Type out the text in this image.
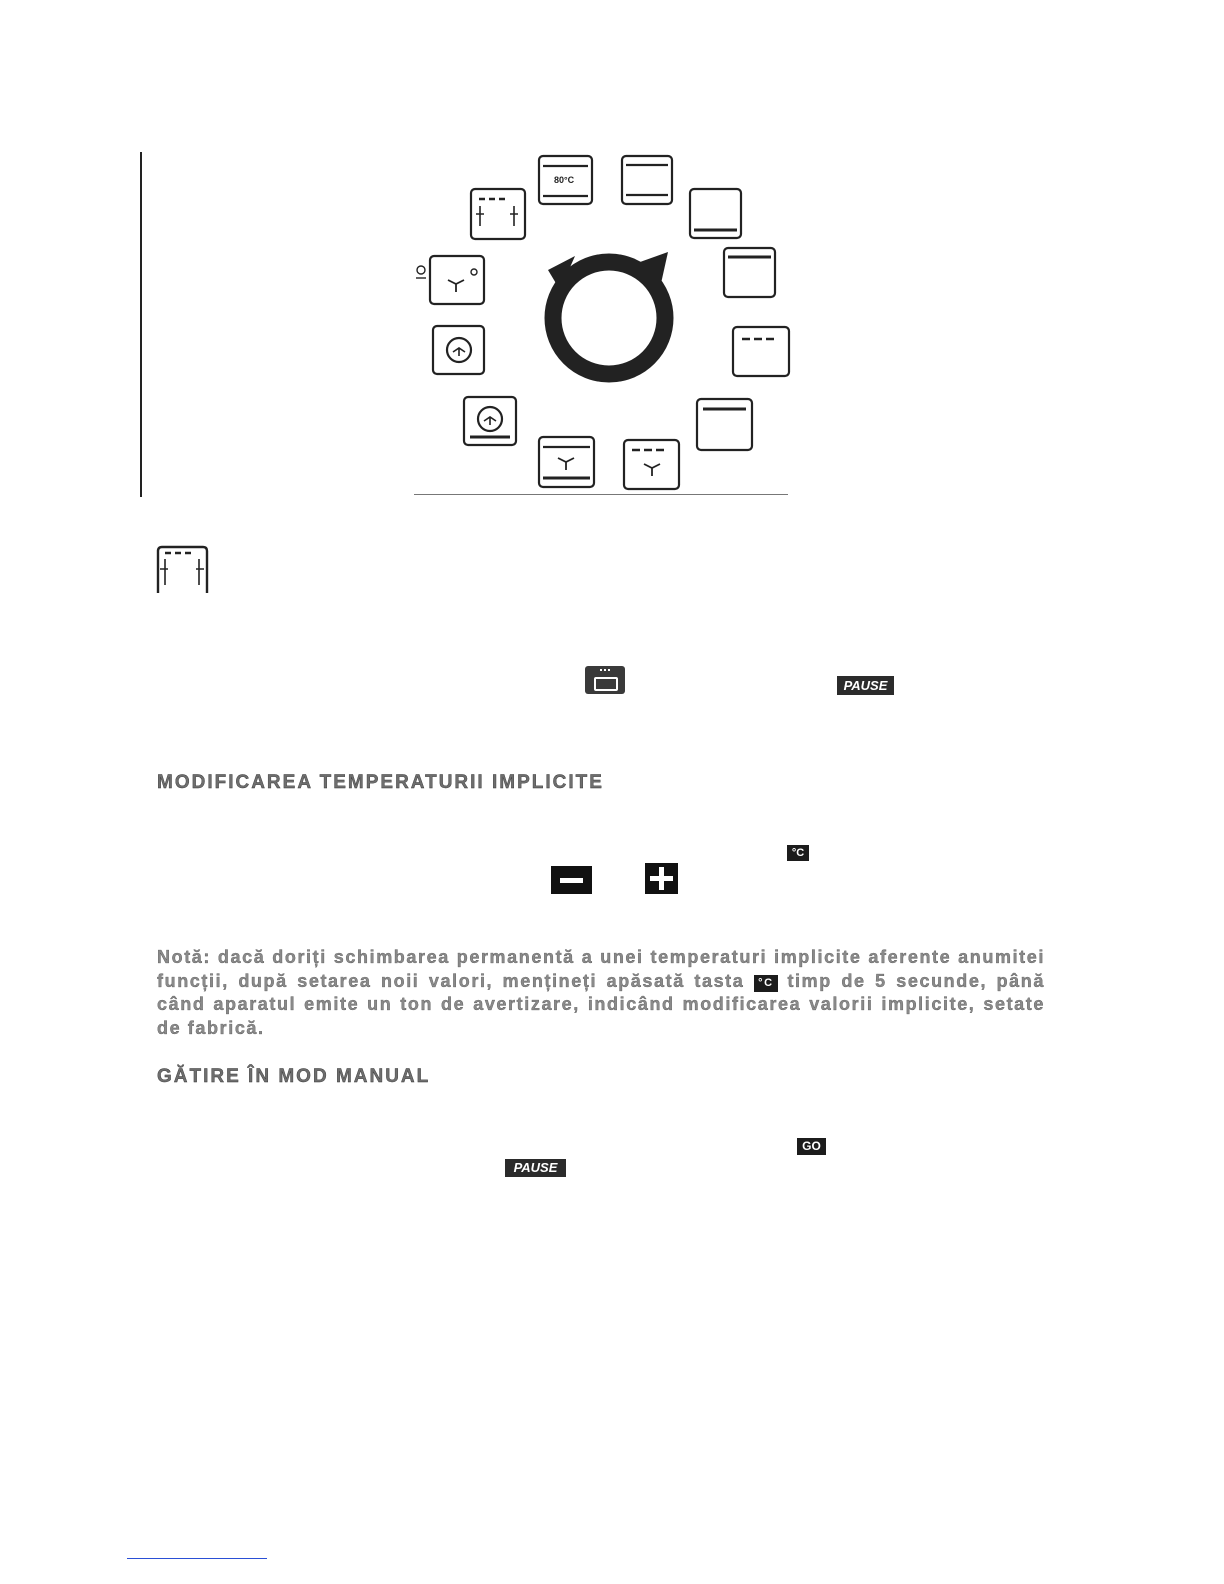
80°C
PAUSE
MODIFICAREA TEMPERATURII IMPLICITE
°C
Notă: dacă doriți schimbarea permanentă a unei temperaturi implicite aferente anumitei funcții, după setarea noii valori, mențineți apăsată tasta °C timp de 5 secunde, până când aparatul emite un ton de avertizare, indicând modificarea valorii implicite, setate de fabrică.
GĂTIRE ÎN MOD MANUAL
GO
PAUSE
